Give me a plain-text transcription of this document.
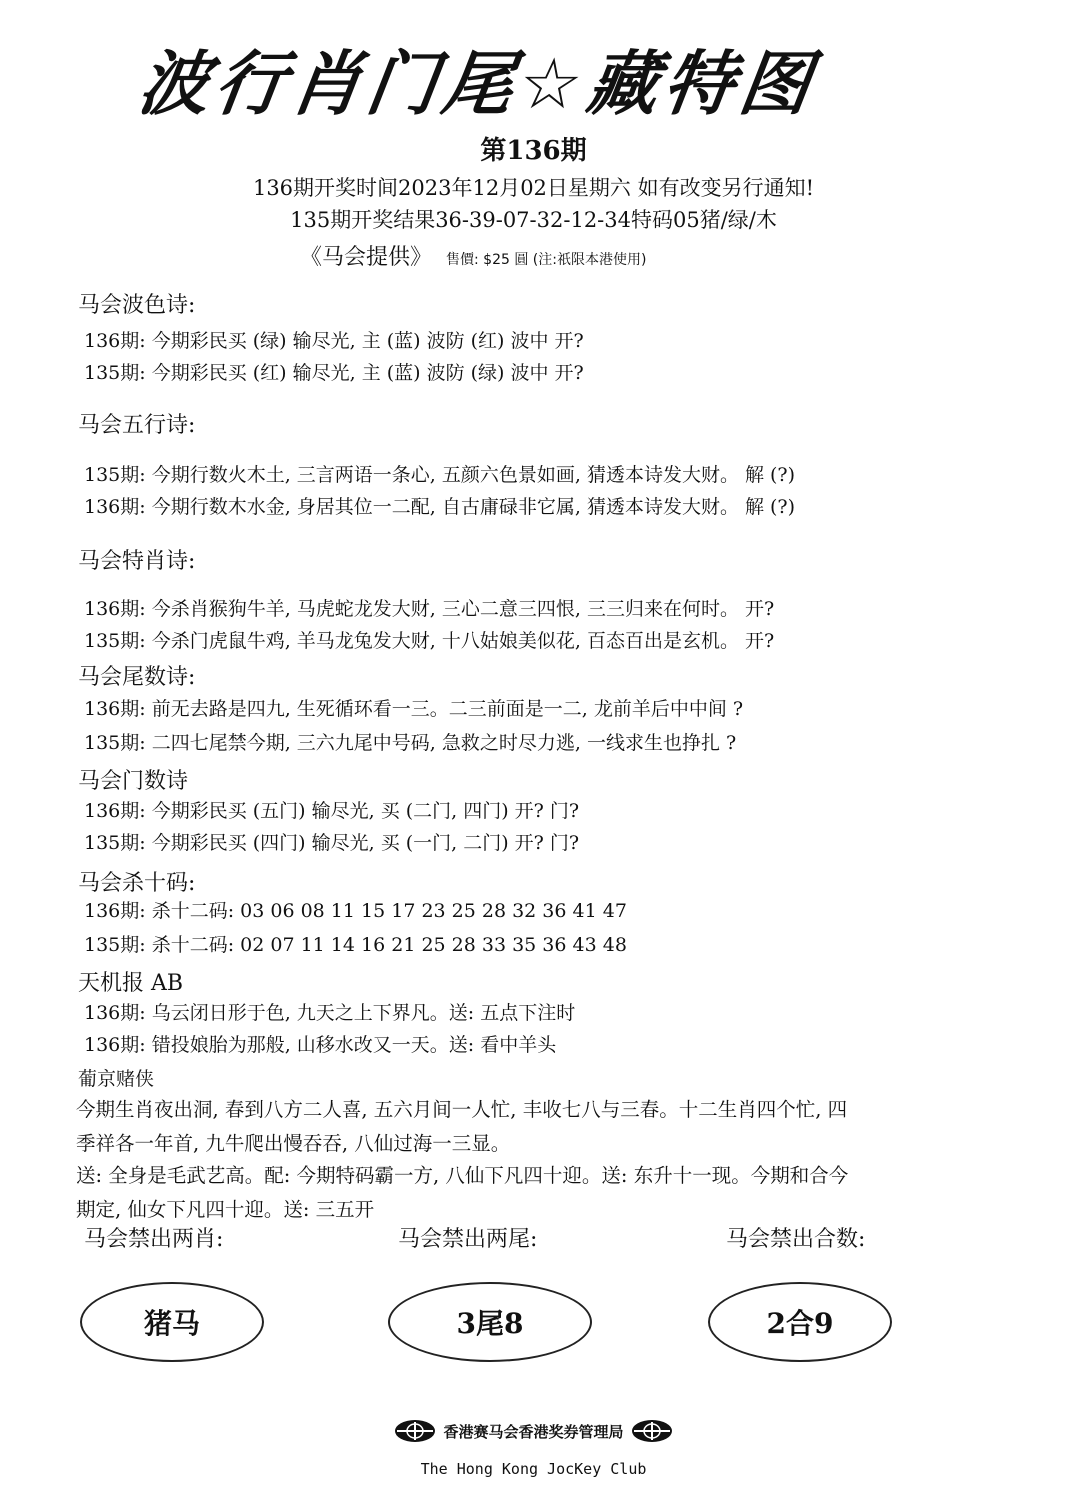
波行肖门尾☆藏特图
第136期
136期开奖时间2023年12月02日星期六 如有改变另行通知!
135期开奖结果36-39-07-32-12-34特码05猪/绿/木
《马会提供》 售價: $25 圓 (注:祇限本港使用)
马会波色诗:
136期: 今期彩民买 (绿) 输尽光, 主 (蓝) 波防 (红) 波中 开?
135期: 今期彩民买 (红) 输尽光, 主 (蓝) 波防 (绿) 波中 开?
马会五行诗:
135期: 今期行数火木土, 三言两语一条心, 五颜六色景如画, 猜透本诗发大财。 解 (?)
136期: 今期行数木水金, 身居其位一二配, 自古庸碌非它属, 猜透本诗发大财。 解 (?)
马会特肖诗:
136期: 今杀肖猴狗牛羊, 马虎蛇龙发大财, 三心二意三四恨, 三三归来在何时。 开?
135期: 今杀门虎鼠牛鸡, 羊马龙兔发大财, 十八姑娘美似花, 百态百出是玄机。 开?
马会尾数诗:
136期: 前无去路是四九, 生死循环看一三。二三前面是一二, 龙前羊后中中间 ?
135期: 二四七尾禁今期, 三六九尾中号码, 急救之时尽力逃, 一线求生也挣扎 ?
马会门数诗
136期: 今期彩民买 (五门) 输尽光, 买 (二门, 四门) 开? 门?
135期: 今期彩民买 (四门) 输尽光, 买 (一门, 二门) 开? 门?
马会杀十码:
136期: 杀十二码: 03 06 08 11 15 17 23 25 28 32 36 41 47
135期: 杀十二码: 02 07 11 14 16 21 25 28 33 35 36 43 48
天机报 AB
136期: 乌云闭日形于色, 九天之上下界凡。送: 五点下注时
136期: 错投娘胎为那般, 山移水改又一天。送: 看中羊头
葡京赌侠
今期生肖夜出洞, 春到八方二人喜, 五六月间一人忙, 丰收七八与三春。十二生肖四个忙, 四
季祥各一年首, 九牛爬出慢吞吞, 八仙过海一三显。
送: 全身是毛武艺高。配: 今期特码霸一方, 八仙下凡四十迎。送: 东升十一现。今期和合今
期定, 仙女下凡四十迎。送: 三五开
马会禁出两肖:	马会禁出两尾:	马会禁出合数:
猪马	3尾8	2合9
香港赛马会香港奖券管理局
The Hong Kong JocKey Club
